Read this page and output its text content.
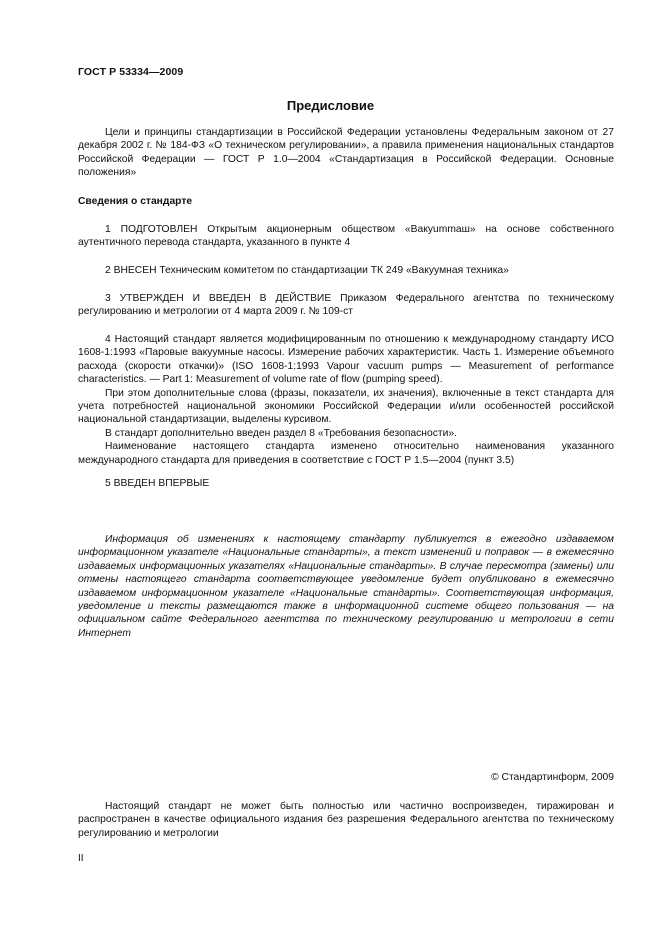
ГОСТ Р 53334—2009
Предисловие

Цели и принципы стандартизации в Российской Федерации установлены Федеральным законом от 27 декабря 2002 г. № 184-ФЗ «О техническом регулировании», а правила применения национальных стандартов Российской Федерации — ГОСТ Р 1.0—2004 «Стандартизация в Российской Федерации. Основные положения»

Сведения о стандарте

1 ПОДГОТОВЛЕН Открытым акционерным обществом «Вакуummаш» на основе собственного аутентичного перевода стандарта, указанного в пункте 4

2 ВНЕСЕН Техническим комитетом по стандартизации ТК 249 «Вакуумная техника»

3 УТВЕРЖДЕН И ВВЕДЕН В ДЕЙСТВИЕ Приказом Федерального агентства по техническому регулированию и метрологии от 4 марта 2009 г. № 109-ст

4 Настоящий стандарт является модифицированным по отношению к международному стандарту ИСО 1608-1:1993 «Паровые вакуумные насосы. Измерение рабочих характеристик. Часть 1. Измерение объемного расхода (скорости откачки)» (ISO 1608-1:1993 Vapour vacuum pumps — Measurement of performance characteristics. — Part 1: Measurement of volume rate of flow (pumping speed).

При этом дополнительные слова (фразы, показатели, их значения), включенные в текст стандарта для учета потребностей национальной экономики Российской Федерации и/или особенностей российской национальной стандартизации, выделены курсивом.

В стандарт дополнительно введен раздел 8 «Требования безопасности».

Наименование настоящего стандарта изменено относительно наименования указанного международного стандарта для приведения в соответствие с ГОСТ Р 1.5—2004 (пункт 3.5)

5 ВВЕДЕН ВПЕРВЫЕ

Информация об изменениях к настоящему стандарту публикуется в ежегодно издаваемом информационном указателе «Национальные стандарты», а текст изменений и поправок — в ежемесячно издаваемых информационных указателях «Национальные стандарты». В случае пересмотра (замены) или отмены настоящего стандарта соответствующее уведомление будет опубликовано в ежемесячно издаваемом информационном указателе «Национальные стандарты». Соответствующая информация, уведомление и тексты размещаются также в информационной системе общего пользования — на официальном сайте Федерального агентства по техническому регулированию и метрологии в сети Интернет

© Стандартинформ, 2009

Настоящий стандарт не может быть полностью или частично воспроизведен, тиражирован и распространен в качестве официального издания без разрешения Федерального агентства по техническому регулированию и метрологии

II
